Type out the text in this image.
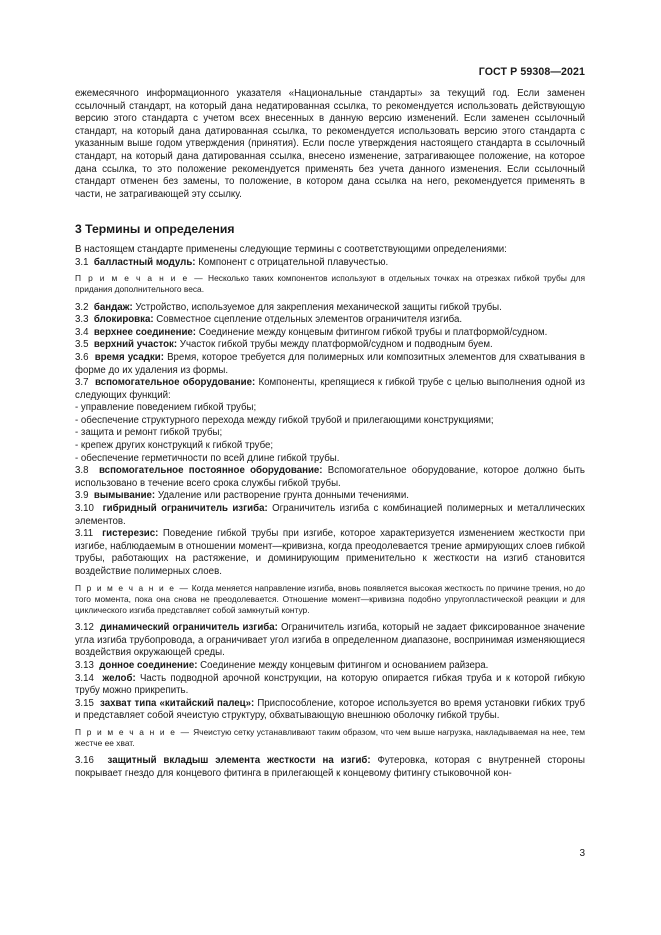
ГОСТ Р 59308—2021

ежемесячного информационного указателя «Национальные стандарты» за текущий год. Если заменен ссылочный стандарт, на который дана недатированная ссылка, то рекомендуется использовать действующую версию этого стандарта с учетом всех внесенных в данную версию изменений. Если заменен ссылочный стандарт, на который дана датированная ссылка, то рекомендуется использовать версию этого стандарта с указанным выше годом утверждения (принятия). Если после утверждения настоящего стандарта в ссылочный стандарт, на который дана датированная ссылка, внесено изменение, затрагивающее положение, на которое дана ссылка, то это положение рекомендуется применять без учета данного изменения. Если ссылочный стандарт отменен без замены, то положение, в котором дана ссылка на него, рекомендуется применять в части, не затрагивающей эту ссылку.

3 Термины и определения

В настоящем стандарте применены следующие термины с соответствующими определениями:

3.1 балластный модуль: Компонент с отрицательной плавучестью.

П р и м е ч а н и е — Несколько таких компонентов используют в отдельных точках на отрезках гибкой трубы для придания дополнительного веса.

3.2 бандаж: Устройство, используемое для закрепления механической защиты гибкой трубы.

3.3 блокировка: Совместное сцепление отдельных элементов ограничителя изгиба.

3.4 верхнее соединение: Соединение между концевым фитингом гибкой трубы и платформой/судном.

3.5 верхний участок: Участок гибкой трубы между платформой/судном и подводным буем.

3.6 время усадки: Время, которое требуется для полимерных или композитных элементов для схватывания в форме до их удаления из формы.

3.7 вспомогательное оборудование: Компоненты, крепящиеся к гибкой трубе с целью выполнения одной из следующих функций:

- управление поведением гибкой трубы;

- обеспечение структурного перехода между гибкой трубой и прилегающими конструкциями;

- защита и ремонт гибкой трубы;

- крепеж других конструкций к гибкой трубе;

- обеспечение герметичности по всей длине гибкой трубы.

3.8 вспомогательное постоянное оборудование: Вспомогательное оборудование, которое должно быть использовано в течение всего срока службы гибкой трубы.

3.9 вымывание: Удаление или растворение грунта донными течениями.

3.10 гибридный ограничитель изгиба: Ограничитель изгиба с комбинацией полимерных и металлических элементов.

3.11 гистерезис: Поведение гибкой трубы при изгибе, которое характеризуется изменением жесткости при изгибе, наблюдаемым в отношении момент—кривизна, когда преодолевается трение армирующих слоев гибкой трубы, работающих на растяжение, и доминирующим применительно к жесткости на изгиб становится воздействие полимерных слоев.

П р и м е ч а н и е — Когда меняется направление изгиба, вновь появляется высокая жесткость по причине трения, но до того момента, пока она снова не преодолевается. Отношение момент—кривизна подобно упругопластической реакции и для циклического изгиба представляет собой замкнутый контур.

3.12 динамический ограничитель изгиба: Ограничитель изгиба, который не задает фиксированное значение угла изгиба трубопровода, а ограничивает угол изгиба в определенном диапазоне, воспринимая изменяющиеся воздействия окружающей среды.

3.13 донное соединение: Соединение между концевым фитингом и основанием райзера.

3.14 желоб: Часть подводной арочной конструкции, на которую опирается гибкая труба и к которой гибкую трубу можно прикрепить.

3.15 захват типа «китайский палец»: Приспособление, которое используется во время установки гибких труб и представляет собой ячеистую структуру, обхватывающую внешнюю оболочку гибкой трубы.

П р и м е ч а н и е — Ячеистую сетку устанавливают таким образом, что чем выше нагрузка, накладываемая на нее, тем жестче ее хват.

3.16 защитный вкладыш элемента жесткости на изгиб: Футеровка, которая с внутренней стороны покрывает гнездо для концевого фитинга в прилегающей к концевому фитингу стыковочной кон-

3
